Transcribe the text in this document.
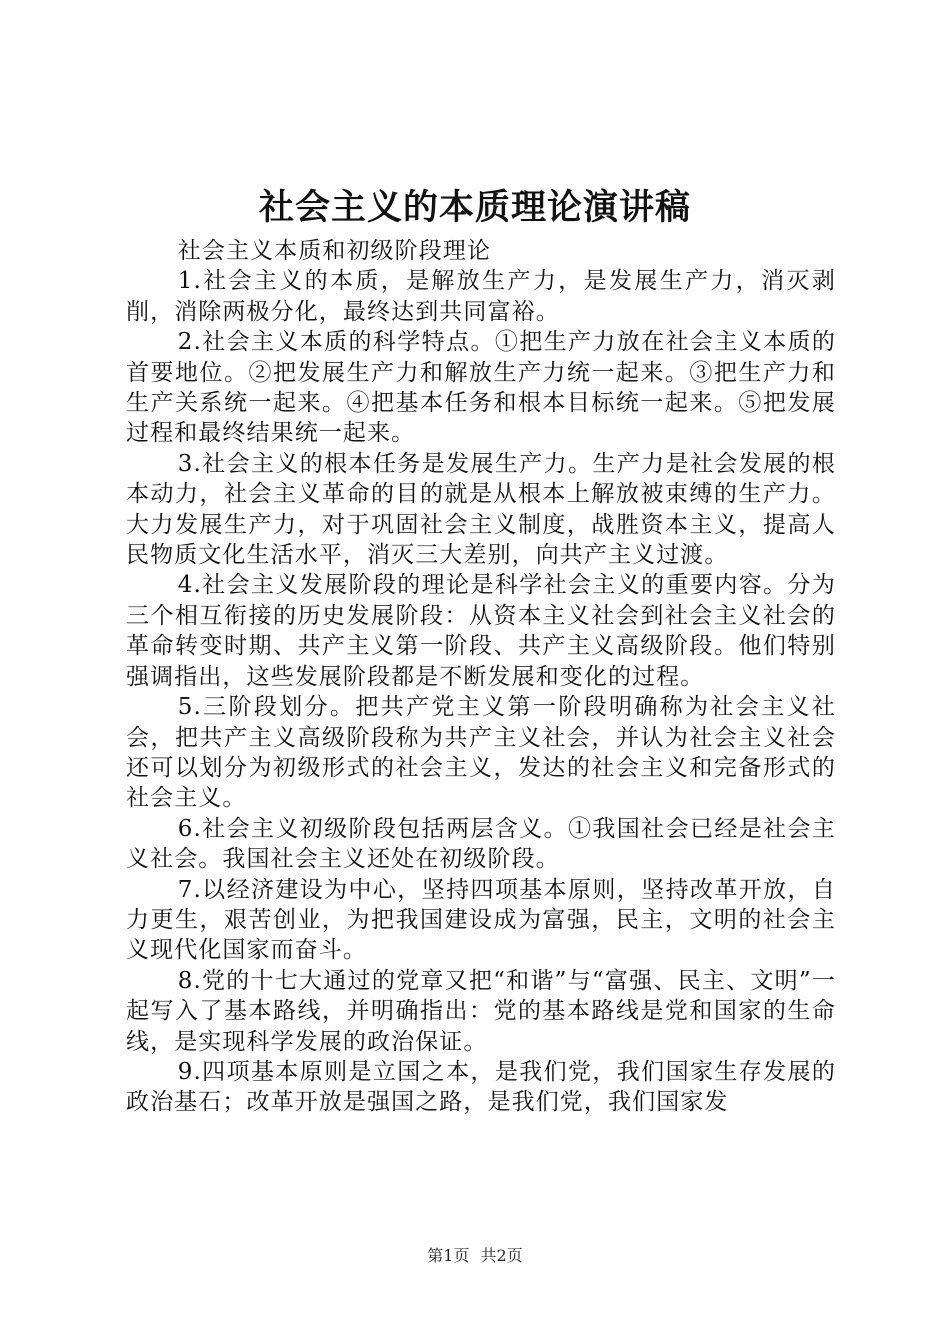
社会主义的本质理论演讲稿

社会主义本质和初级阶段理论

1.社会主义的本质，是解放生产力，是发展生产力，消灭剥削，消除两极分化，最终达到共同富裕。

2.社会主义本质的科学特点。①把生产力放在社会主义本质的首要地位。②把发展生产力和解放生产力统一起来。③把生产力和生产关系统一起来。④把基本任务和根本目标统一起来。⑤把发展过程和最终结果统一起来。

3.社会主义的根本任务是发展生产力。生产力是社会发展的根本动力，社会主义革命的目的就是从根本上解放被束缚的生产力。大力发展生产力，对于巩固社会主义制度，战胜资本主义，提高人民物质文化生活水平，消灭三大差别，向共产主义过渡。

4.社会主义发展阶段的理论是科学社会主义的重要内容。分为三个相互衔接的历史发展阶段：从资本主义社会到社会主义社会的革命转变时期、共产主义第一阶段、共产主义高级阶段。他们特别强调指出，这些发展阶段都是不断发展和变化的过程。

5.三阶段划分。把共产党主义第一阶段明确称为社会主义社会，把共产主义高级阶段称为共产主义社会，并认为社会主义社会还可以划分为初级形式的社会主义，发达的社会主义和完备形式的社会主义。

6.社会主义初级阶段包括两层含义。①我国社会已经是社会主义社会。我国社会主义还处在初级阶段。

7.以经济建设为中心，坚持四项基本原则，坚持改革开放，自力更生，艰苦创业，为把我国建设成为富强，民主，文明的社会主义现代化国家而奋斗。

8.党的十七大通过的党章又把“和谐”与“富强、民主、文明”一起写入了基本路线，并明确指出：党的基本路线是党和国家的生命线，是实现科学发展的政治保证。

9.四项基本原则是立国之本，是我们党，我们国家生存发展的政治基石；改革开放是强国之路，是我们党，我们国家发

第1页 共2页
